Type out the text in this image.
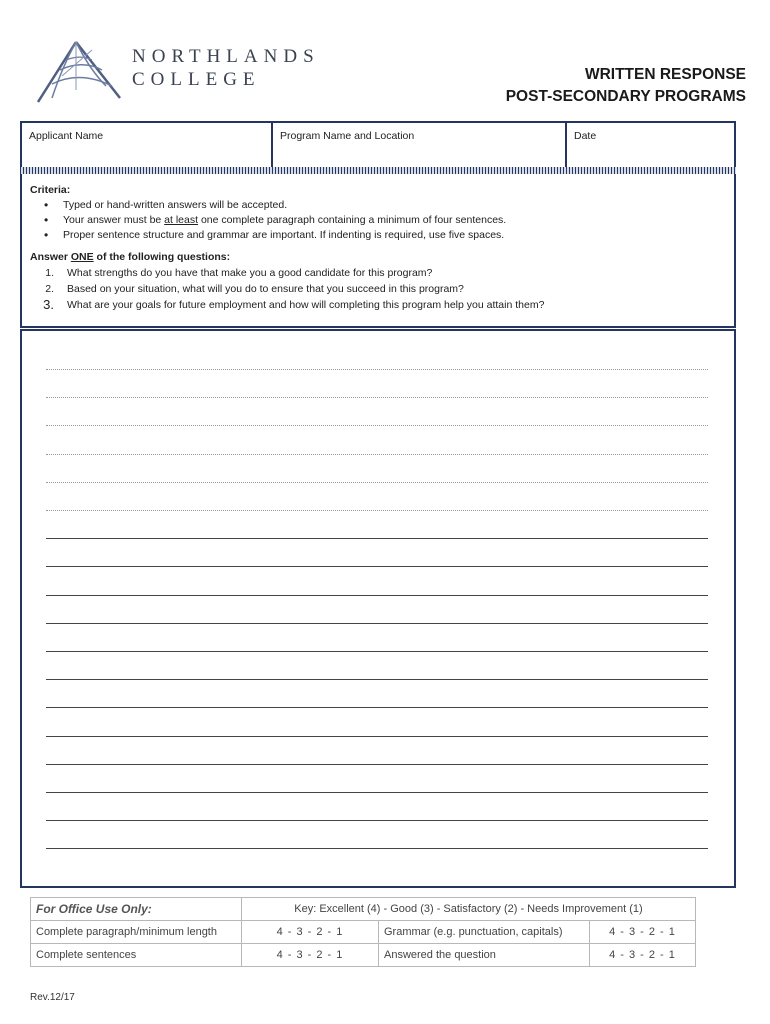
NORTHLANDS
COLLEGE	WRITTEN RESPONSE
POST-SECONDARY PROGRAMS
Applicant Name	Program Name and Location	Date
Criteria:
• Typed or hand-written answers will be accepted.
• Your answer must be at least one complete paragraph containing a minimum of four sentences.
• Proper sentence structure and grammar are important. If indenting is required, use five spaces.
Answer ONE of the following questions:
1. What strengths do you have that make you a good candidate for this program?
2. Based on your situation, what will you do to ensure that you succeed in this program?
3. What are your goals for future employment and how will completing this program help you attain them?
For Office Use Only:	Key: Excellent (4) - Good (3) - Satisfactory (2) - Needs Improvement (1)		
Complete paragraph/minimum length	4 - 3 - 2 - 1	Grammar (e.g. punctuation, capitals)	4 - 3 - 2 - 1
Complete sentences	4 - 3 - 2 - 1	Answered the question	4 - 3 - 2 - 1
Rev.12/17
